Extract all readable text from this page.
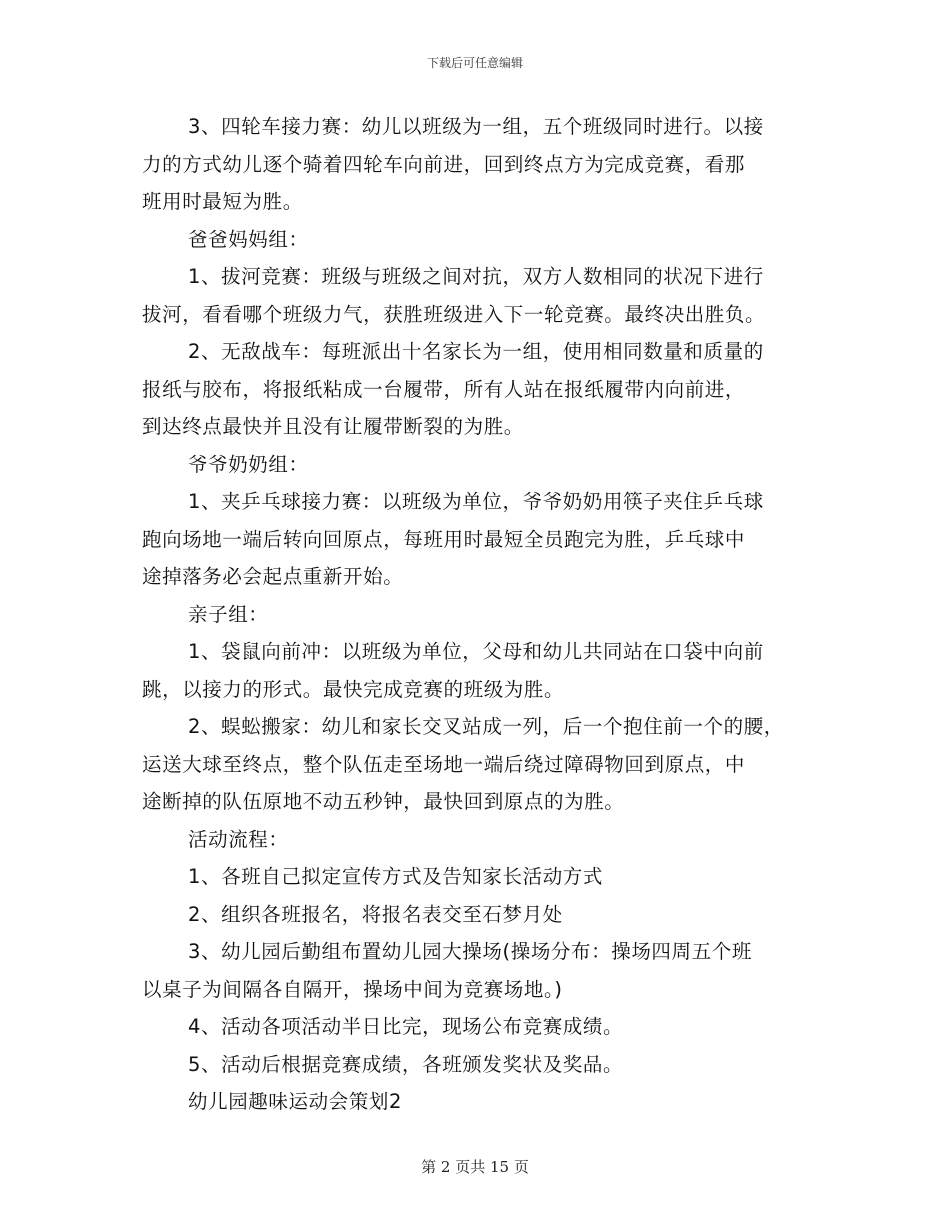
下载后可任意编辑
3、四轮车接力赛：幼儿以班级为一组，五个班级同时进行。以接
力的方式幼儿逐个骑着四轮车向前进，回到终点方为完成竞赛，看那
班用时最短为胜。
爸爸妈妈组：
1、拔河竞赛：班级与班级之间对抗，双方人数相同的状况下进行
拔河，看看哪个班级力气，获胜班级进入下一轮竞赛。最终决出胜负。
2、无敌战车：每班派出十名家长为一组，使用相同数量和质量的
报纸与胶布，将报纸粘成一台履带，所有人站在报纸履带内向前进，
到达终点最快并且没有让履带断裂的为胜。
爷爷奶奶组：
1、夹乒乓球接力赛：以班级为单位，爷爷奶奶用筷子夹住乒乓球
跑向场地一端后转向回原点，每班用时最短全员跑完为胜，乒乓球中
途掉落务必会起点重新开始。
亲子组：
1、袋鼠向前冲：以班级为单位，父母和幼儿共同站在口袋中向前
跳，以接力的形式。最快完成竞赛的班级为胜。
2、蜈蚣搬家：幼儿和家长交叉站成一列，后一个抱住前一个的腰，
运送大球至终点，整个队伍走至场地一端后绕过障碍物回到原点，中
途断掉的队伍原地不动五秒钟，最快回到原点的为胜。
活动流程：
1、各班自己拟定宣传方式及告知家长活动方式
2、组织各班报名，将报名表交至石梦月处
3、幼儿园后勤组布置幼儿园大操场(操场分布：操场四周五个班
以桌子为间隔各自隔开，操场中间为竞赛场地。)
4、活动各项活动半日比完，现场公布竞赛成绩。
5、活动后根据竞赛成绩，各班颁发奖状及奖品。
幼儿园趣味运动会策划2
第 2 页共 15 页
